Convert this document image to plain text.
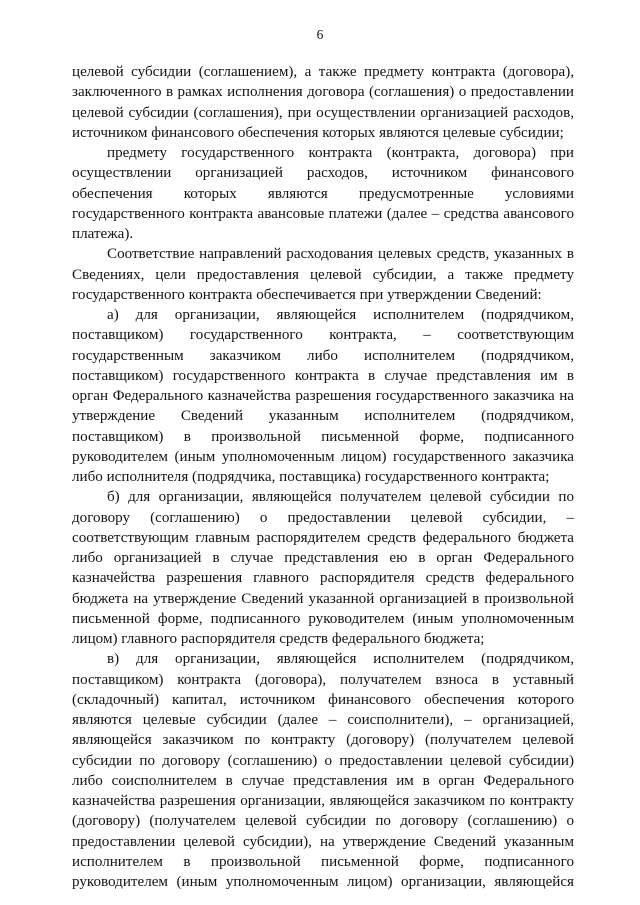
6
целевой субсидии (соглашением), а также предмету контракта (договора),
заключенного в рамках исполнения договора (соглашения) о предоставлении
целевой субсидии (соглашения), при осуществлении организацией расходов,
источником финансового обеспечения которых являются целевые субсидии;
предмету государственного контракта (контракта, договора) при
осуществлении организацией расходов, источником финансового
обеспечения которых являются предусмотренные условиями
государственного контракта авансовые платежи (далее – средства авансового
платежа).
Соответствие направлений расходования целевых средств, указанных в
Сведениях, цели предоставления целевой субсидии, а также предмету
государственного контракта обеспечивается при утверждении Сведений:
а) для организации, являющейся исполнителем (подрядчиком,
поставщиком) государственного контракта, – соответствующим
государственным заказчиком либо исполнителем (подрядчиком,
поставщиком) государственного контракта в случае представления им в
орган Федерального казначейства разрешения государственного заказчика на
утверждение Сведений указанным исполнителем (подрядчиком,
поставщиком) в произвольной письменной форме, подписанного
руководителем (иным уполномоченным лицом) государственного заказчика
либо исполнителя (подрядчика, поставщика) государственного контракта;
б) для организации, являющейся получателем целевой субсидии по
договору (соглашению) о предоставлении целевой субсидии, –
соответствующим главным распорядителем средств федерального бюджета
либо организацией в случае представления ею в орган Федерального
казначейства разрешения главного распорядителя средств федерального
бюджета на утверждение Сведений указанной организацией в произвольной
письменной форме, подписанного руководителем (иным уполномоченным
лицом) главного распорядителя средств федерального бюджета;
в) для организации, являющейся исполнителем (подрядчиком,
поставщиком) контракта (договора), получателем взноса в уставный
(складочный) капитал, источником финансового обеспечения которого
являются целевые субсидии (далее – соисполнители), – организацией,
являющейся заказчиком по контракту (договору) (получателем целевой
субсидии по договору (соглашению) о предоставлении целевой субсидии)
либо соисполнителем в случае представления им в орган Федерального
казначейства разрешения организации, являющейся заказчиком по контракту
(договору) (получателем целевой субсидии по договору (соглашению) о
предоставлении целевой субсидии), на утверждение Сведений указанным
исполнителем в произвольной письменной форме, подписанного
руководителем (иным уполномоченным лицом) организации, являющейся
